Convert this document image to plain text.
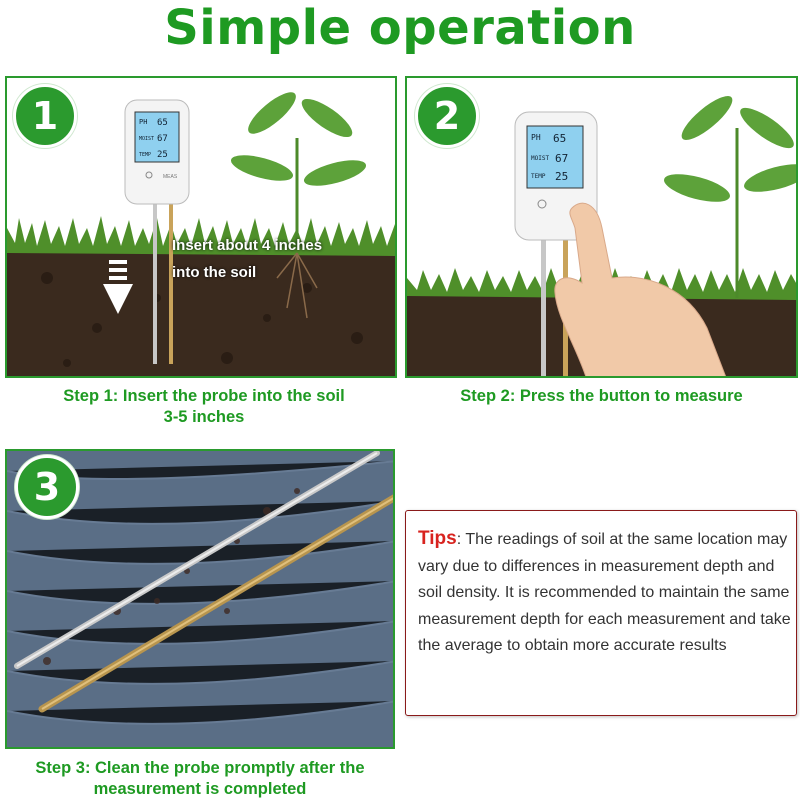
Simple operation
PH 65
MOIST 67
TEMP 25
MEAS
1
Insert about 4 inches
into the soil
PH 65
MOIST 67
TEMP 25
2
3
Step 1: Insert the probe into the soil
3-5 inches
Step 2: Press the button to measure
Step 3: Clean the probe promptly after the
measurement is completed
Tips: The readings of soil at the same location may vary due to differences in measurement depth and soil density. It is recommended to maintain the same measurement depth for each measurement and take the average to obtain more accurate results
